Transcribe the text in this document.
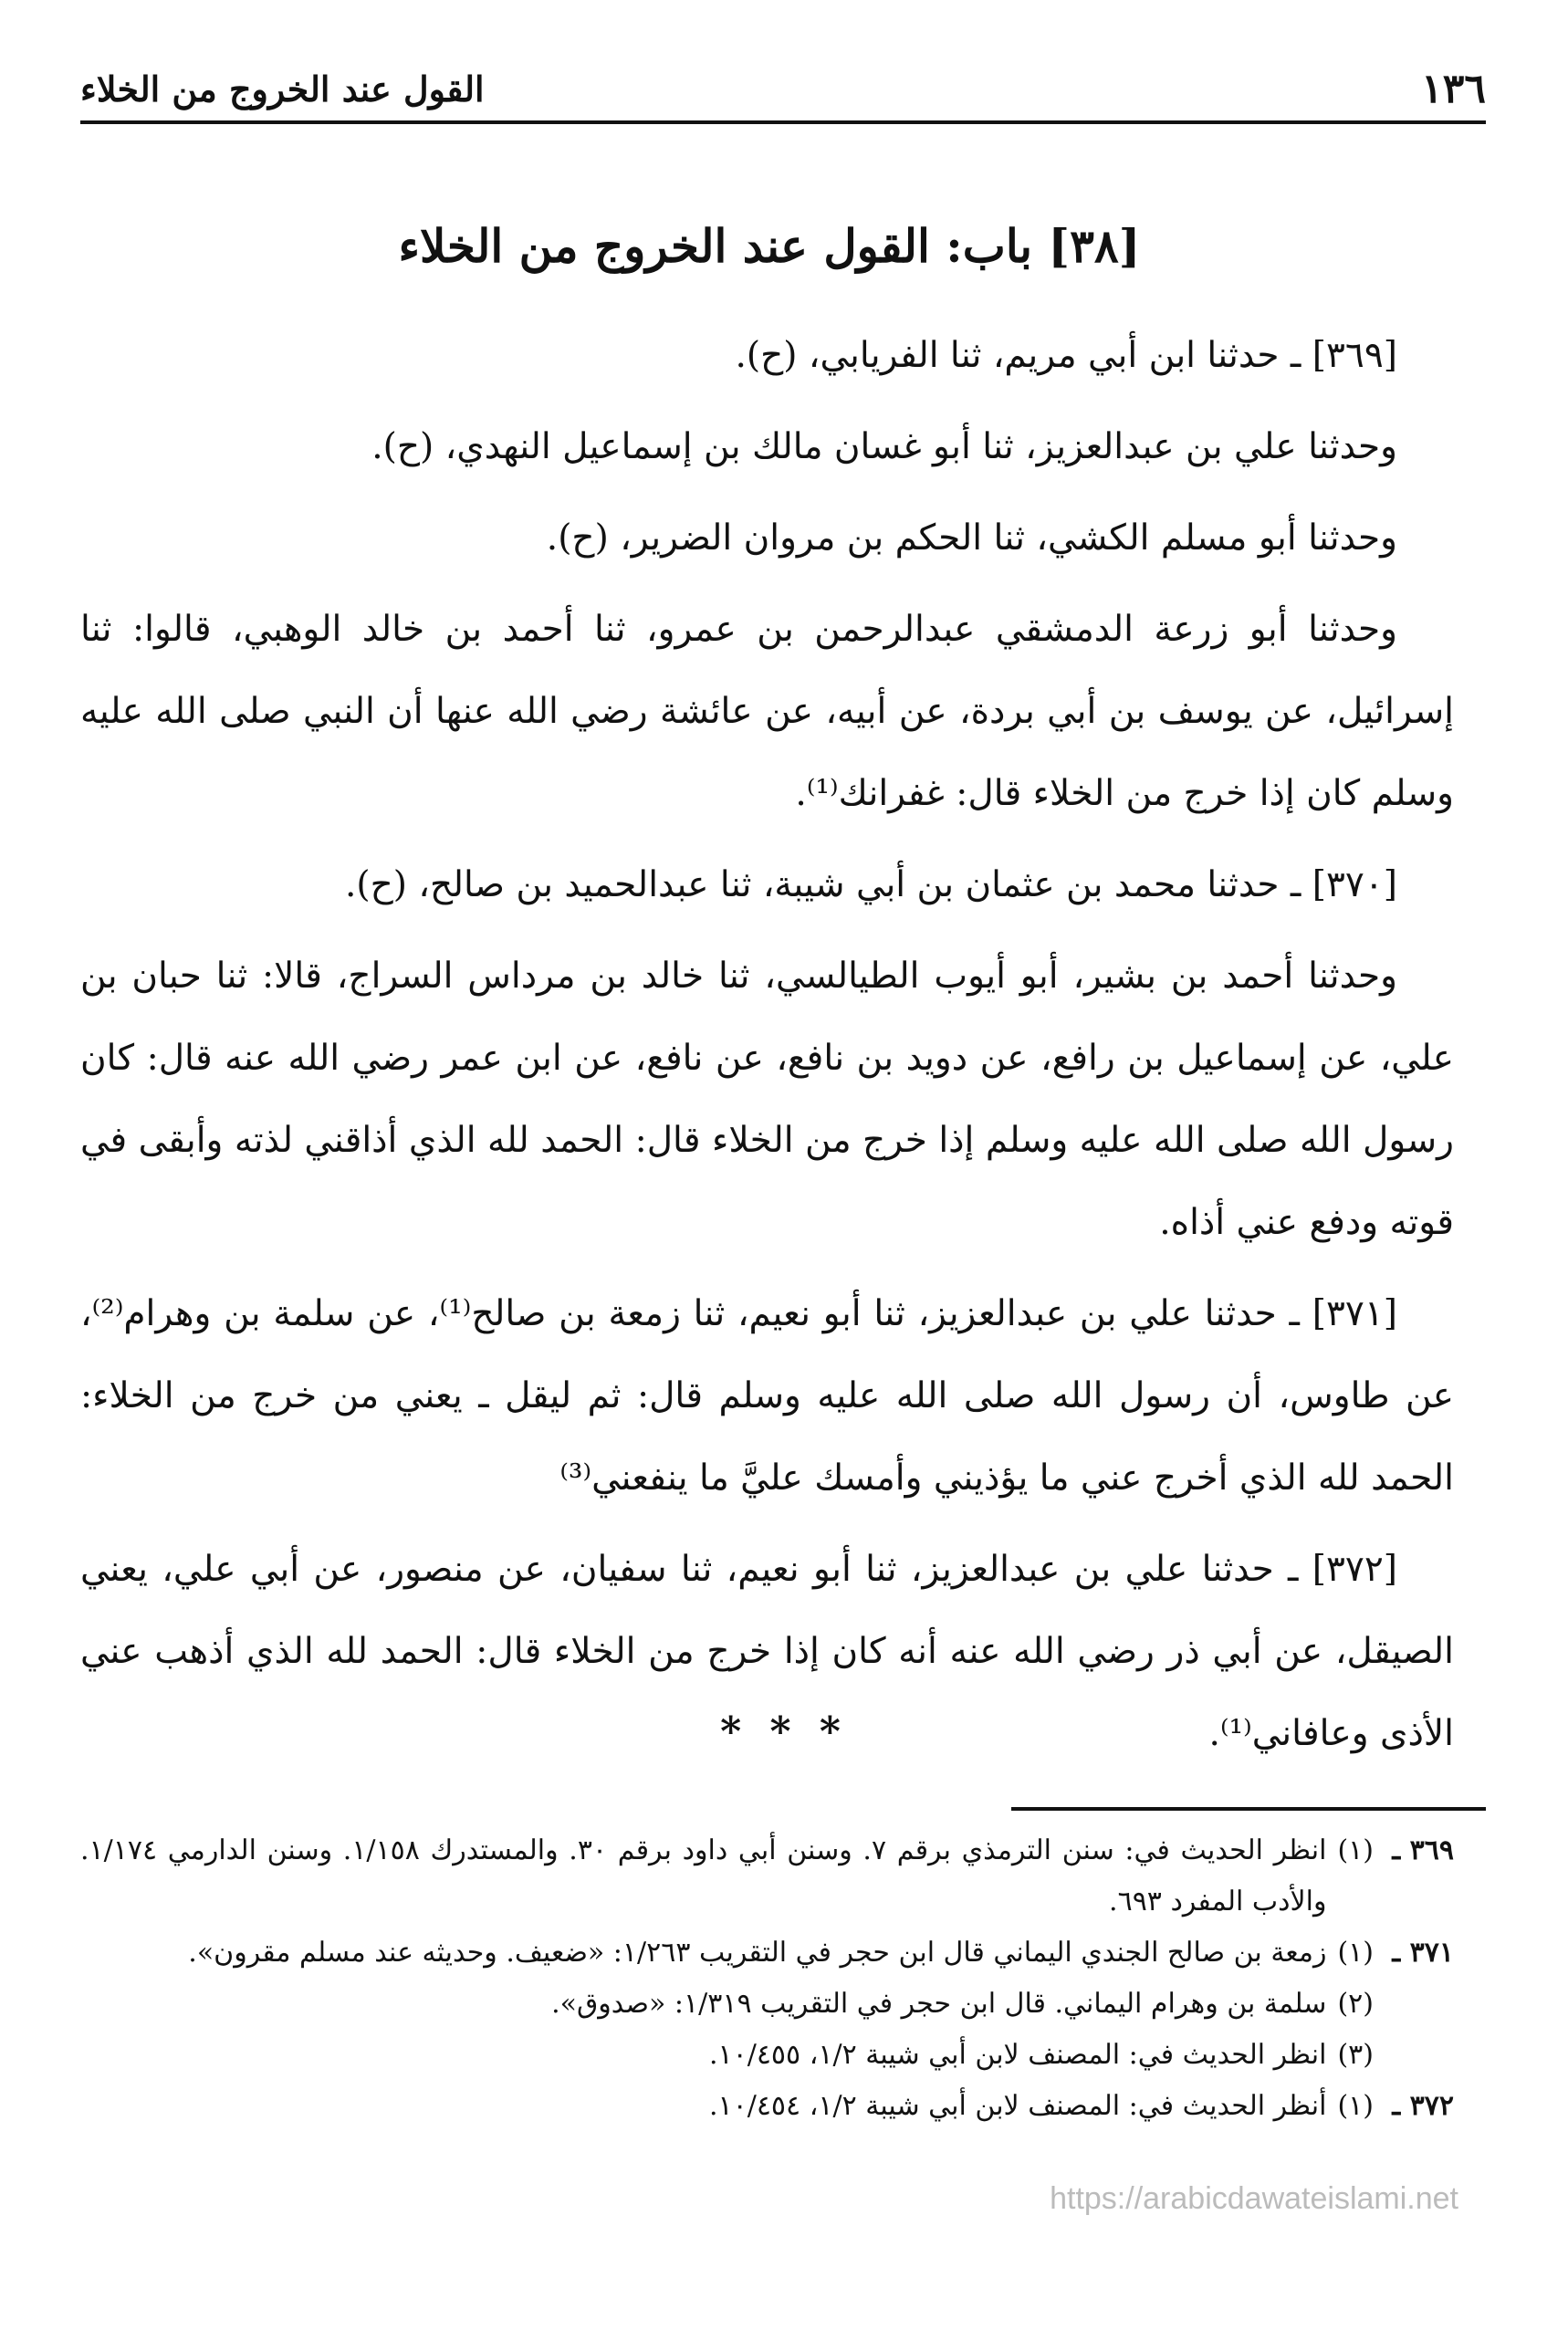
١٣٦
القول عند الخروج من الخلاء
[٣٨] باب: القول عند الخروج من الخلاء

[٣٦٩] ـ حدثنا ابن أبي مريم، ثنا الفريابي، (ح).

وحدثنا علي بن عبدالعزيز، ثنا أبو غسان مالك بن إسماعيل النهدي، (ح).

وحدثنا أبو مسلم الكشي، ثنا الحكم بن مروان الضرير، (ح).

وحدثنا أبو زرعة الدمشقي عبدالرحمن بن عمرو، ثنا أحمد بن خالد الوهبي، قالوا: ثنا إسرائيل، عن يوسف بن أبي بردة، عن أبيه، عن عائشة رضي الله عنها أن النبي صلى الله عليه وسلم كان إذا خرج من الخلاء قال: غفرانك⁽¹⁾.

[٣٧٠] ـ حدثنا محمد بن عثمان بن أبي شيبة، ثنا عبدالحميد بن صالح، (ح).

وحدثنا أحمد بن بشير، أبو أيوب الطيالسي، ثنا خالد بن مرداس السراج، قالا: ثنا حبان بن علي، عن إسماعيل بن رافع، عن دويد بن نافع، عن نافع، عن ابن عمر رضي الله عنه قال: كان رسول الله صلى الله عليه وسلم إذا خرج من الخلاء قال: الحمد لله الذي أذاقني لذته وأبقى في قوته ودفع عني أذاه.

[٣٧١] ـ حدثنا علي بن عبدالعزيز، ثنا أبو نعيم، ثنا زمعة بن صالح⁽¹⁾، عن سلمة بن وهرام⁽²⁾، عن طاوس، أن رسول الله صلى الله عليه وسلم قال: ثم ليقل ـ يعني من خرج من الخلاء: الحمد لله الذي أخرج عني ما يؤذيني وأمسك عليَّ ما ينفعني⁽³⁾

[٣٧٢] ـ حدثنا علي بن عبدالعزيز، ثنا أبو نعيم، ثنا سفيان، عن منصور، عن أبي علي، يعني الصيقل، عن أبي ذر رضي الله عنه أنه كان إذا خرج من الخلاء قال: الحمد لله الذي أذهب عني الأذى وعافاني⁽¹⁾.

* * *
٣٦٩ ـ
(١)
انظر الحديث في: سنن الترمذي برقم ٧. وسنن أبي داود برقم ٣٠. والمستدرك ١/١٥٨. وسنن الدارمي ١/١٧٤. والأدب المفرد ٦٩٣.
٣٧١ ـ
(١)
زمعة بن صالح الجندي اليماني قال ابن حجر في التقريب ١/٢٦٣: «ضعيف. وحديثه عند مسلم مقرون».
(٢)
سلمة بن وهرام اليماني. قال ابن حجر في التقريب ١/٣١٩: «صدوق».
(٣)
انظر الحديث في: المصنف لابن أبي شيبة ١/٢، ١٠/٤٥٥.
٣٧٢ ـ
(١)
أنظر الحديث في: المصنف لابن أبي شيبة ١/٢، ١٠/٤٥٤.
https://arabicdawateislami.net
